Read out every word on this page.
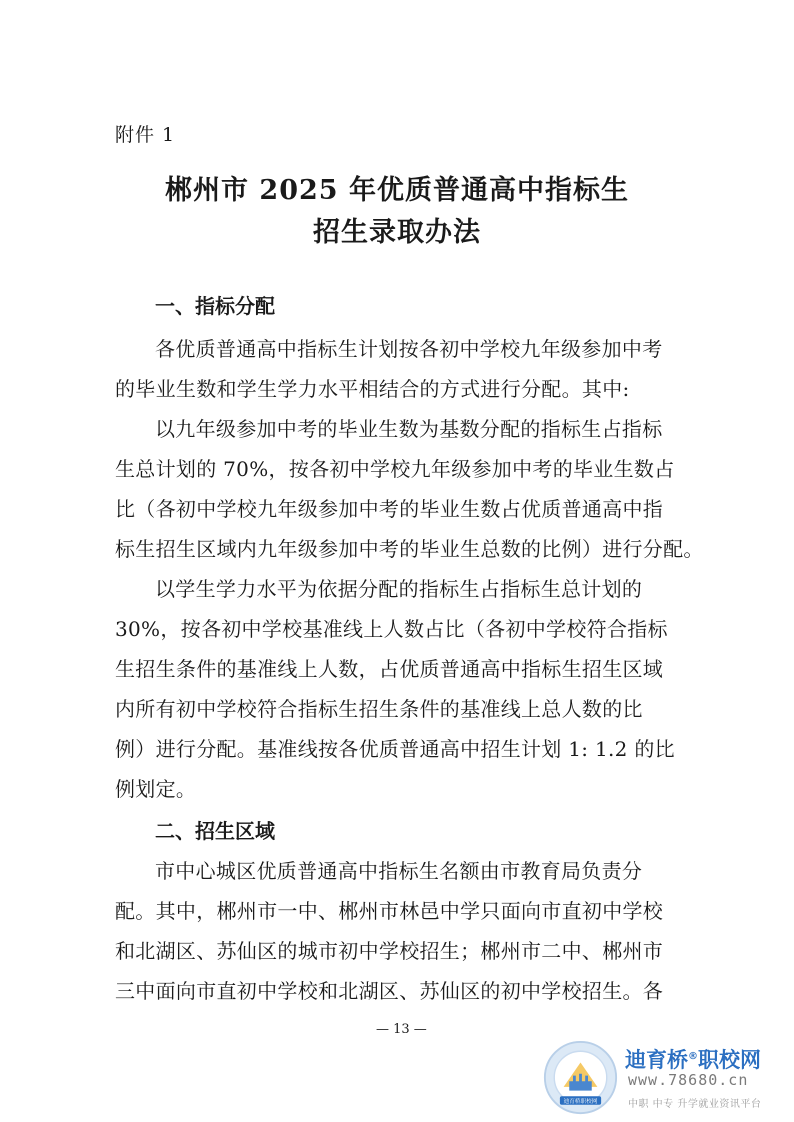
附件 1
郴州市 2025 年优质普通高中指标生
招生录取办法
一、指标分配
各优质普通高中指标生计划按各初中学校九年级参加中考
的毕业生数和学生学力水平相结合的方式进行分配。其中:
以九年级参加中考的毕业生数为基数分配的指标生占指标
生总计划的 70%，按各初中学校九年级参加中考的毕业生数占
比（各初中学校九年级参加中考的毕业生数占优质普通高中指
标生招生区域内九年级参加中考的毕业生总数的比例）进行分配。
以学生学力水平为依据分配的指标生占指标生总计划的
30%，按各初中学校基准线上人数占比（各初中学校符合指标
生招生条件的基准线上人数，占优质普通高中指标生招生区域
内所有初中学校符合指标生招生条件的基准线上总人数的比
例）进行分配。基准线按各优质普通高中招生计划 1: 1.2 的比
例划定。
二、招生区域
市中心城区优质普通高中指标生名额由市教育局负责分
配。其中，郴州市一中、郴州市林邑中学只面向市直初中学校
和北湖区、苏仙区的城市初中学校招生；郴州市二中、郴州市
三中面向市直初中学校和北湖区、苏仙区的初中学校招生。各
— 13 —
迪育桥职校网
迪育桥®职校网
www.78680.cn
中职 中专 升学就业资讯平台
